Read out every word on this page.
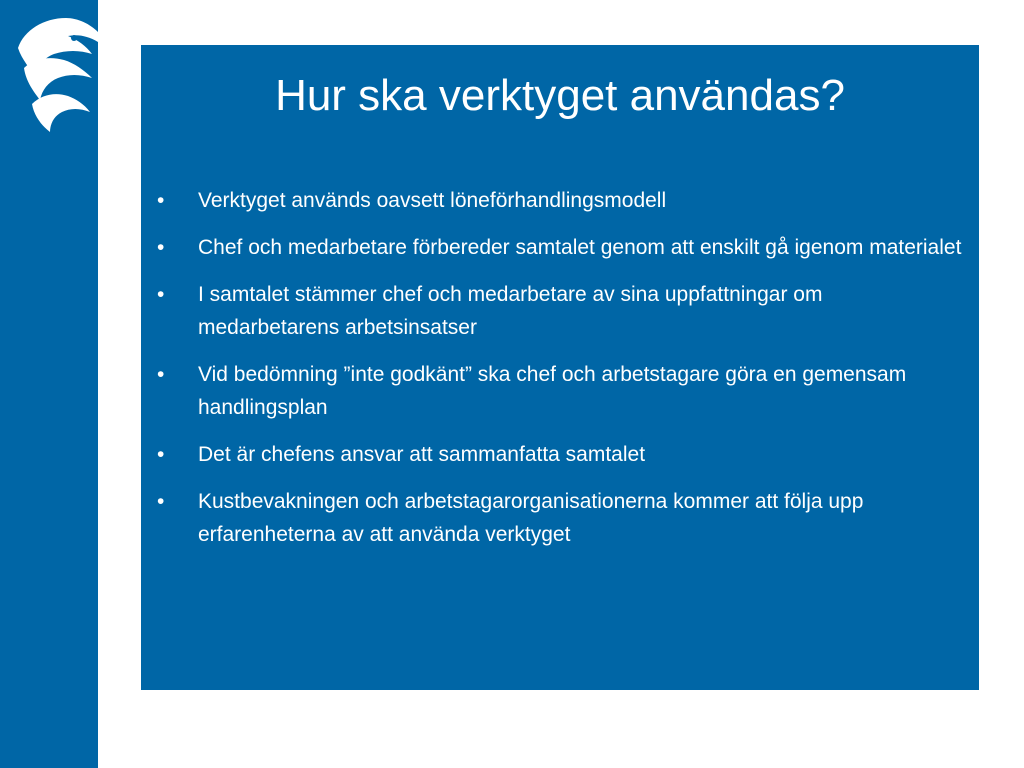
Hur ska verktyget användas?
•	Verktyget används oavsett löneförhandlingsmodell
•	Chef och medarbetare förbereder samtalet genom att enskilt gå igenom materialet
•	I samtalet stämmer chef och medarbetare av sina uppfattningar om medarbetarens arbetsinsatser
•	Vid bedömning ”inte godkänt” ska chef och arbetstagare göra en gemensam handlingsplan
•	Det är chefens ansvar att sammanfatta samtalet
•	Kustbevakningen och arbetstagarorganisationerna kommer att följa upp erfarenheterna av att använda verktyget
